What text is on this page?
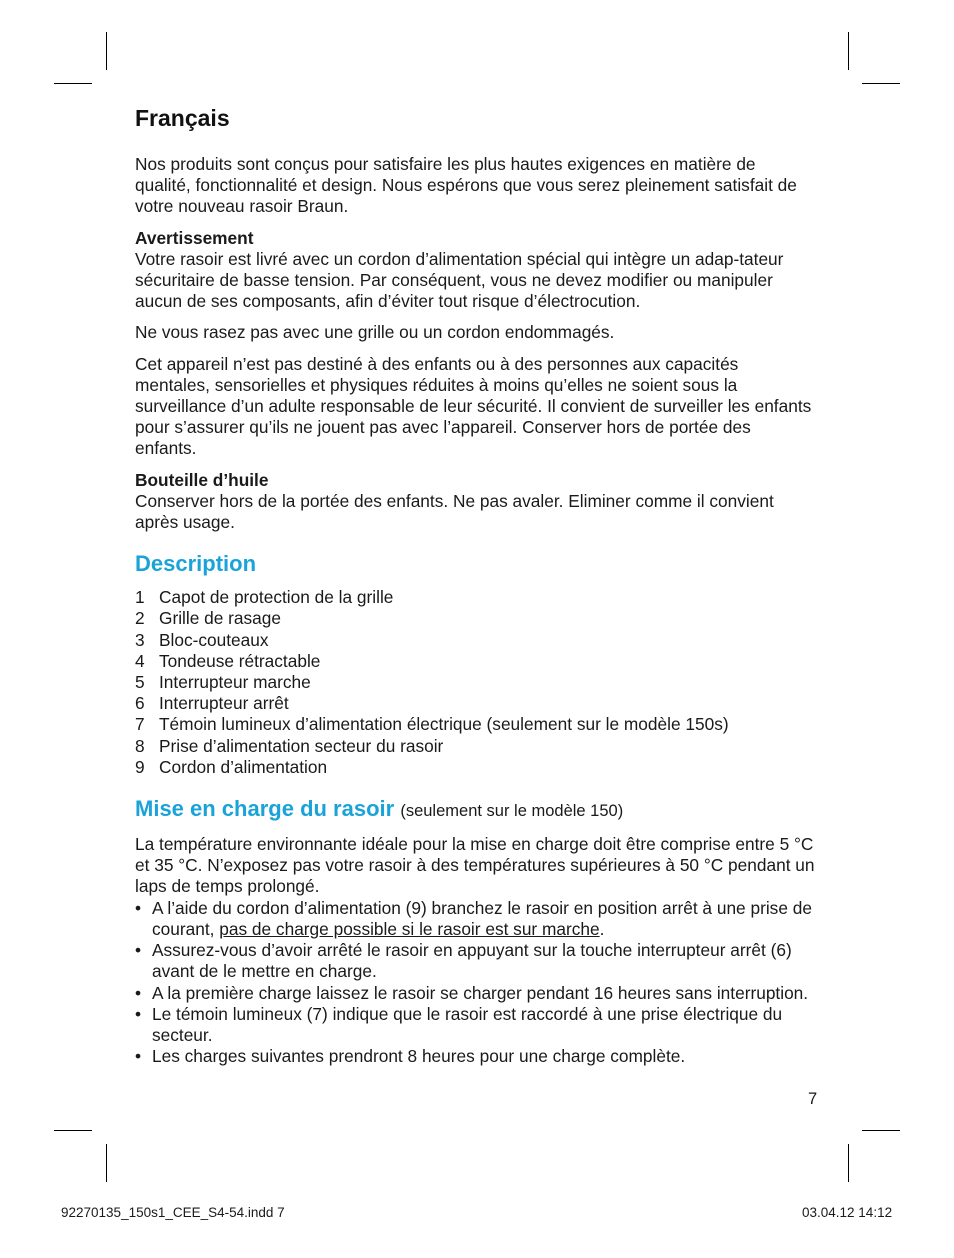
Français

Nos produits sont conçus pour satisfaire les plus hautes exigences en matière de qualité, fonctionnalité et design. Nous espérons que vous serez pleinement satisfait de votre nouveau rasoir Braun.

Avertissement
Votre rasoir est livré avec un cordon d’alimentation spécial qui intègre un adap-tateur sécuritaire de basse tension. Par conséquent, vous ne devez modifier ou manipuler aucun de ses composants, afin d’éviter tout risque d’électrocution.

Ne vous rasez pas avec une grille ou un cordon endommagés.

Cet appareil n’est pas destiné à des enfants ou à des personnes aux capacités mentales, sensorielles et physiques réduites à moins qu’elles ne soient sous la surveillance d’un adulte responsable de leur sécurité. Il convient de surveiller les enfants pour s’assurer qu’ils ne jouent pas avec l’appareil. Conserver hors de portée des enfants.

Bouteille d’huile
Conserver hors de la portée des enfants. Ne pas avaler. Eliminer comme il convient après usage.

Description
1 Capot de protection de la grille
2 Grille de rasage
3 Bloc-couteaux
4 Tondeuse rétractable
5 Interrupteur marche
6 Interrupteur arrêt
7 Témoin lumineux d’alimentation électrique (seulement sur le modèle 150s)
8 Prise d’alimentation secteur du rasoir
9 Cordon d’alimentation
Mise en charge du rasoir (seulement sur le modèle 150)

La température environnante idéale pour la mise en charge doit être comprise entre 5 °C et 35 °C. N’exposez pas votre rasoir à des températures supérieures à 50 °C pendant un laps de temps prolongé.

• A l’aide du cordon d’alimentation (9) branchez le rasoir en position arrêt à une prise de courant, pas de charge possible si le rasoir est sur marche.
• Assurez-vous d’avoir arrêté le rasoir en appuyant sur la touche interrupteur arrêt (6) avant de le mettre en charge.
• A la première charge laissez le rasoir se charger pendant 16 heures sans interruption.
• Le témoin lumineux (7) indique que le rasoir est raccordé à une prise électrique du secteur.
• Les charges suivantes prendront 8 heures pour une charge complète.
7
92270135_150s1_CEE_S4-54.indd 7	03.04.12 14:12
